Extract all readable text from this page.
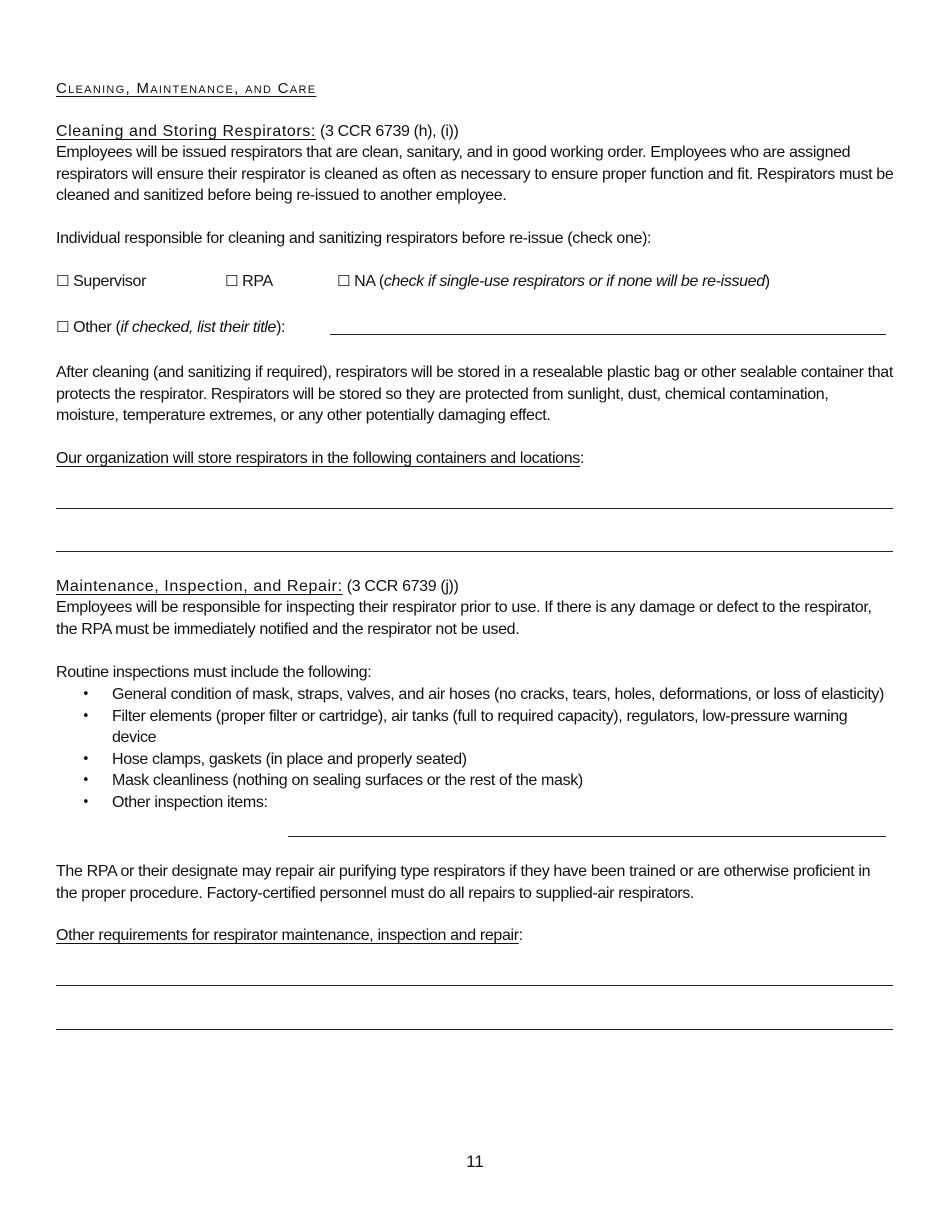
Cleaning, Maintenance, and Care
Cleaning and Storing Respirators: (3 CCR 6739 (h), (i))
Employees will be issued respirators that are clean, sanitary, and in good working order. Employees who are assigned respirators will ensure their respirator is cleaned as often as necessary to ensure proper function and fit. Respirators must be cleaned and sanitized before being re-issued to another employee.
Individual responsible for cleaning and sanitizing respirators before re-issue (check one):
☐ Supervisor	☐ RPA	☐ NA (check if single-use respirators or if none will be re-issued)
☐ Other (if checked, list their title):
After cleaning (and sanitizing if required), respirators will be stored in a resealable plastic bag or other sealable container that protects the respirator. Respirators will be stored so they are protected from sunlight, dust, chemical contamination, moisture, temperature extremes, or any other potentially damaging effect.
Our organization will store respirators in the following containers and locations:
Maintenance, Inspection, and Repair: (3 CCR 6739 (j))
Employees will be responsible for inspecting their respirator prior to use. If there is any damage or defect to the respirator, the RPA must be immediately notified and the respirator not be used.
Routine inspections must include the following:
• General condition of mask, straps, valves, and air hoses (no cracks, tears, holes, deformations, or loss of elasticity)
• Filter elements (proper filter or cartridge), air tanks (full to required capacity), regulators, low-pressure warning device
• Hose clamps, gaskets (in place and properly seated)
• Mask cleanliness (nothing on sealing surfaces or the rest of the mask)
• Other inspection items:
The RPA or their designate may repair air purifying type respirators if they have been trained or are otherwise proficient in the proper procedure. Factory-certified personnel must do all repairs to supplied-air respirators.
Other requirements for respirator maintenance, inspection and repair:
11
